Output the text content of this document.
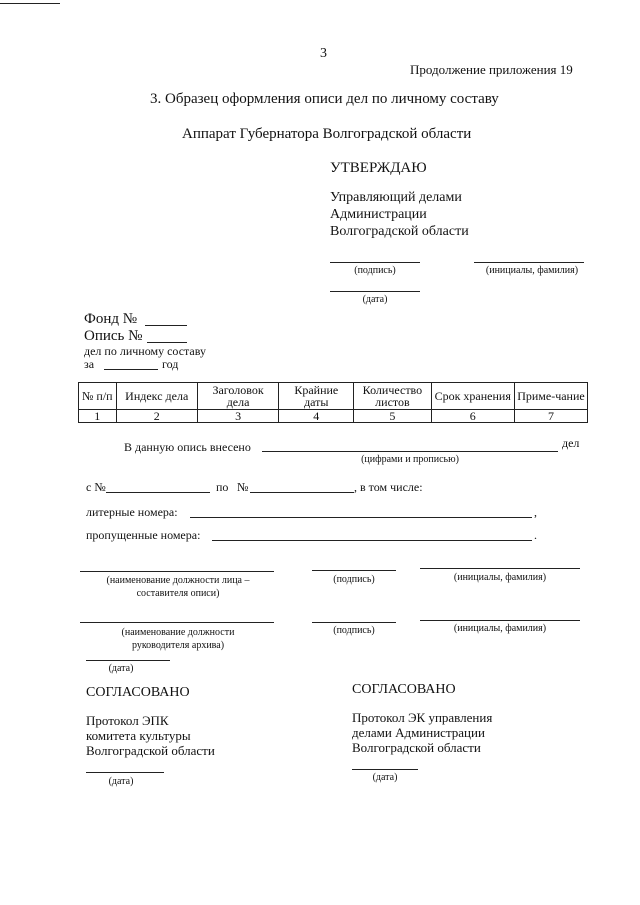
3
Продолжение приложения 19
3. Образец оформления описи дел по личному составу
Аппарат Губернатора Волгоградской области
УТВЕРЖДАЮ
Управляющий делами
Администрации
Волгоградской области
(подпись)	(инициалы, фамилия)
(дата)
Фонд №
Опись №
дел по личному составу
за	год
№ п/п	Индекс дела	Заголовок дела	Крайние даты	Количество листов	Срок хранения	Приме-чание
1	2	3	4	5	6	7
В данную опись внесено	дел
(цифрами и прописью)
с №	по №	, в том числе:
литерные номера:	,
пропущенные номера:	.
(наименование должности лица –
составителя описи)
(подпись)	(инициалы, фамилия)
(наименование должности
руководителя архива)
(подпись)	(инициалы, фамилия)
(дата)
СОГЛАСОВАНО
Протокол ЭПК
комитета культуры
Волгоградской области
(дата)
СОГЛАСОВАНО
Протокол ЭК управления
делами Администрации
Волгоградской области
(дата)
